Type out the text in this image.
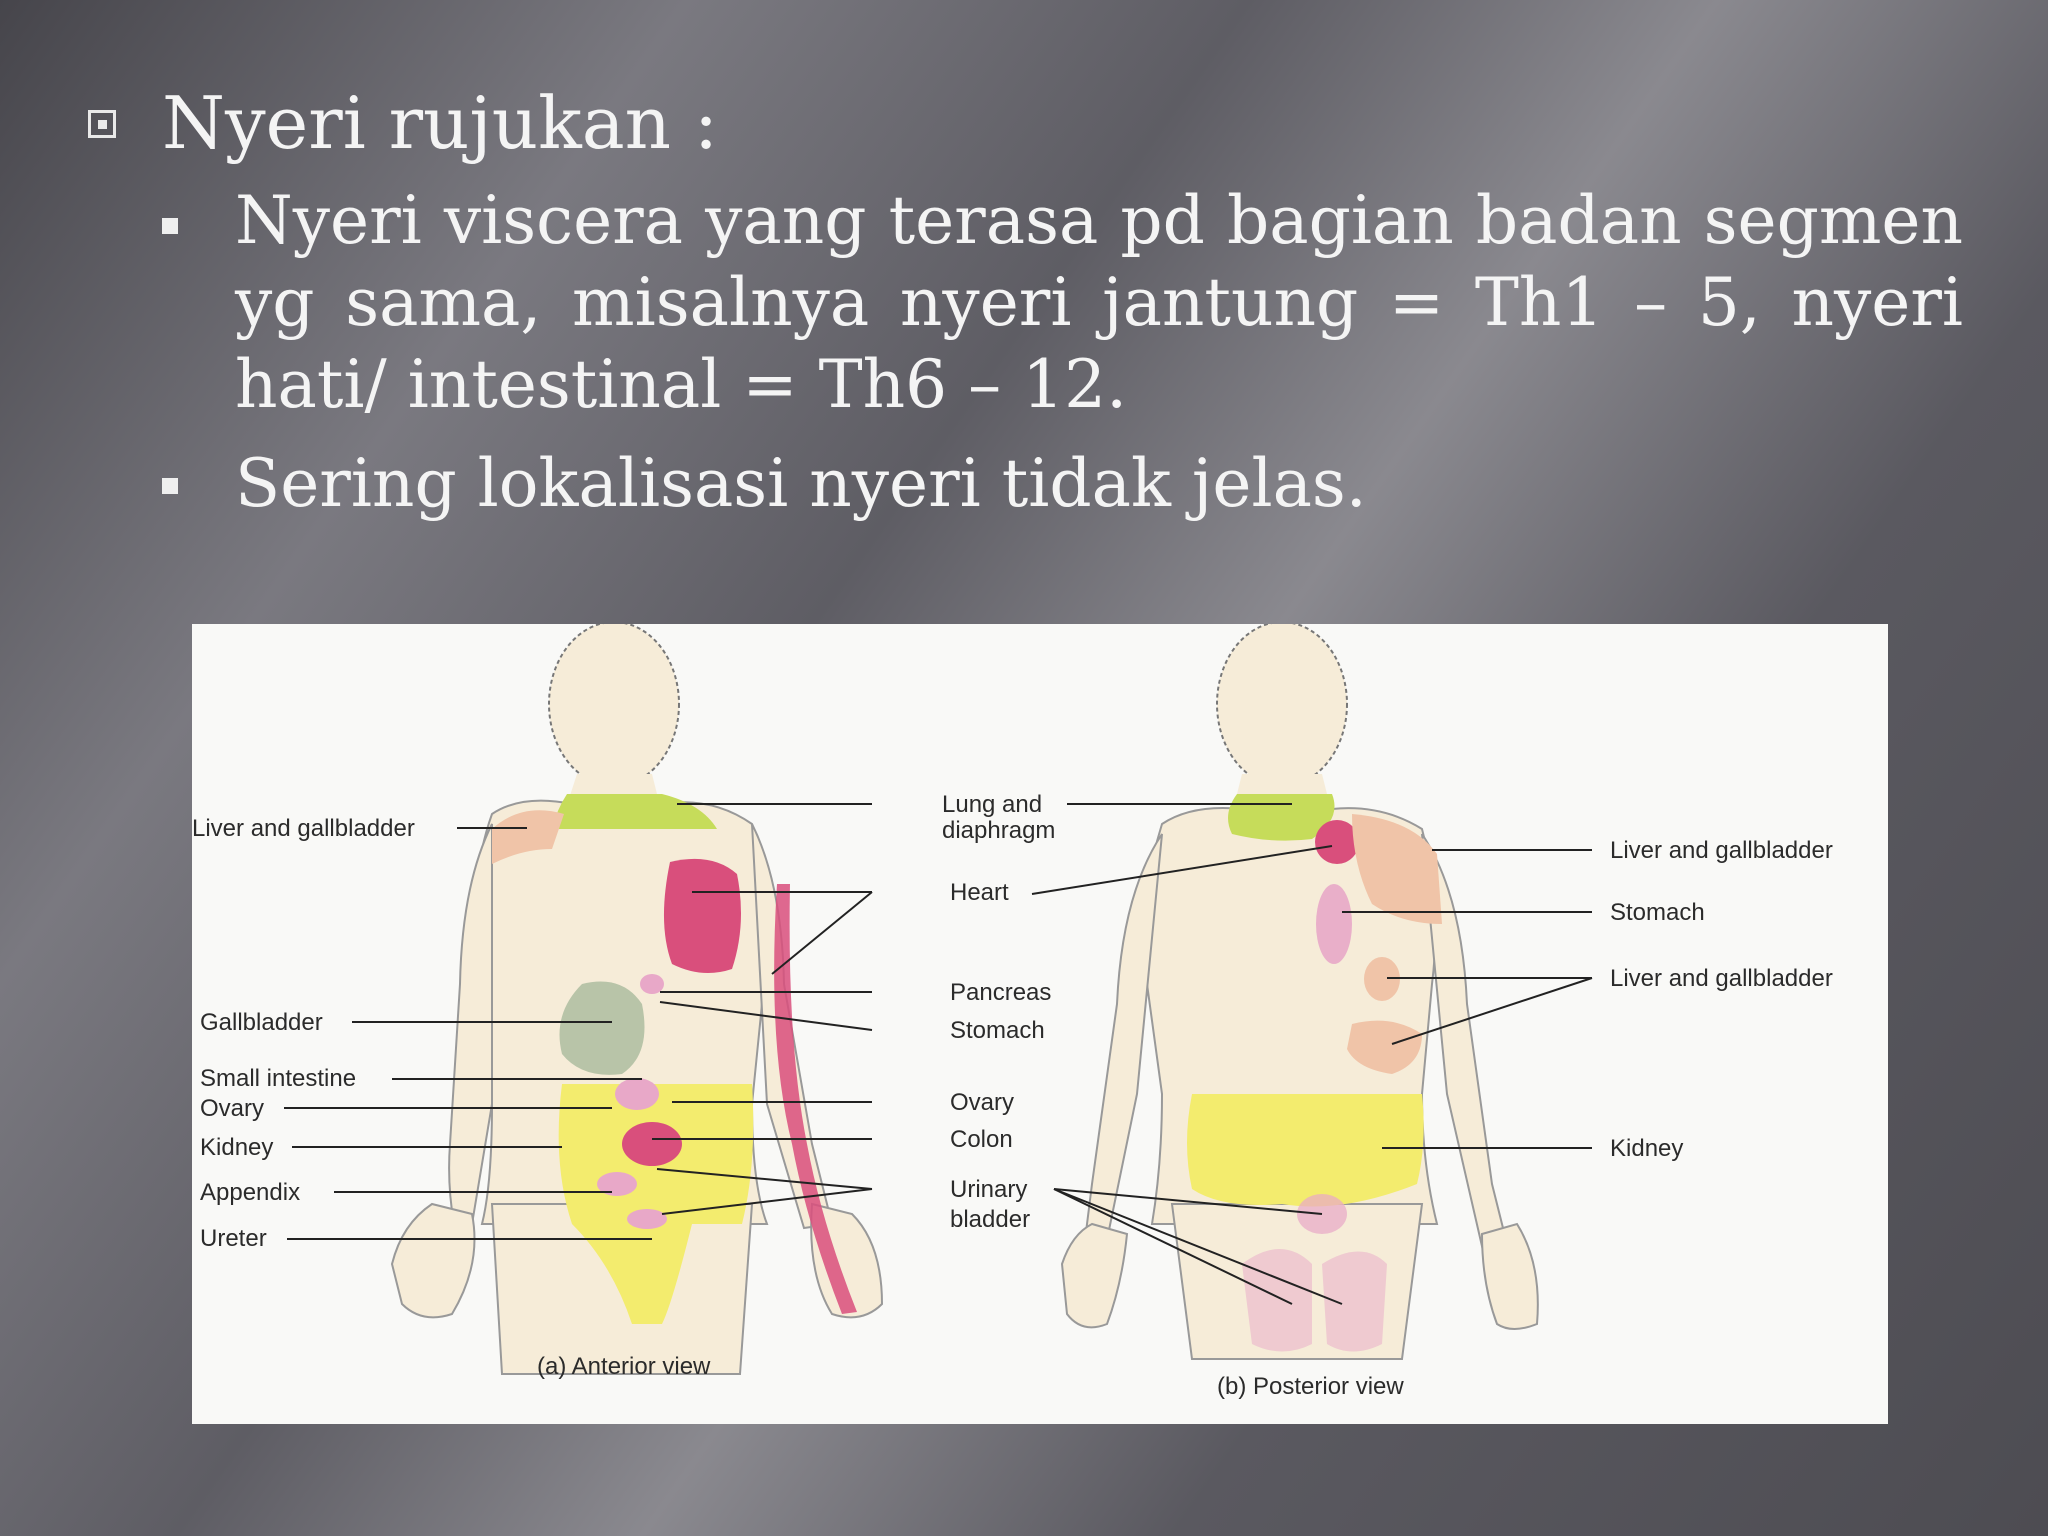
Nyeri rujukan :
Nyeri viscera yang terasa pd bagian badan segmen yg sama, misalnya nyeri jantung = Th1 – 5, nyeri hati/ intestinal = Th6 – 12.
Sering lokalisasi nyeri tidak jelas.
Liver and gallbladder
Gallbladder
Small intestine
Ovary
Kidney
Appendix
Ureter
Lung and
diaphragm
Heart
Pancreas
Stomach
Ovary
Colon
Urinary
bladder
(a) Anterior view
Liver and gallbladder
Stomach
Liver and gallbladder
Kidney
(b) Posterior view
